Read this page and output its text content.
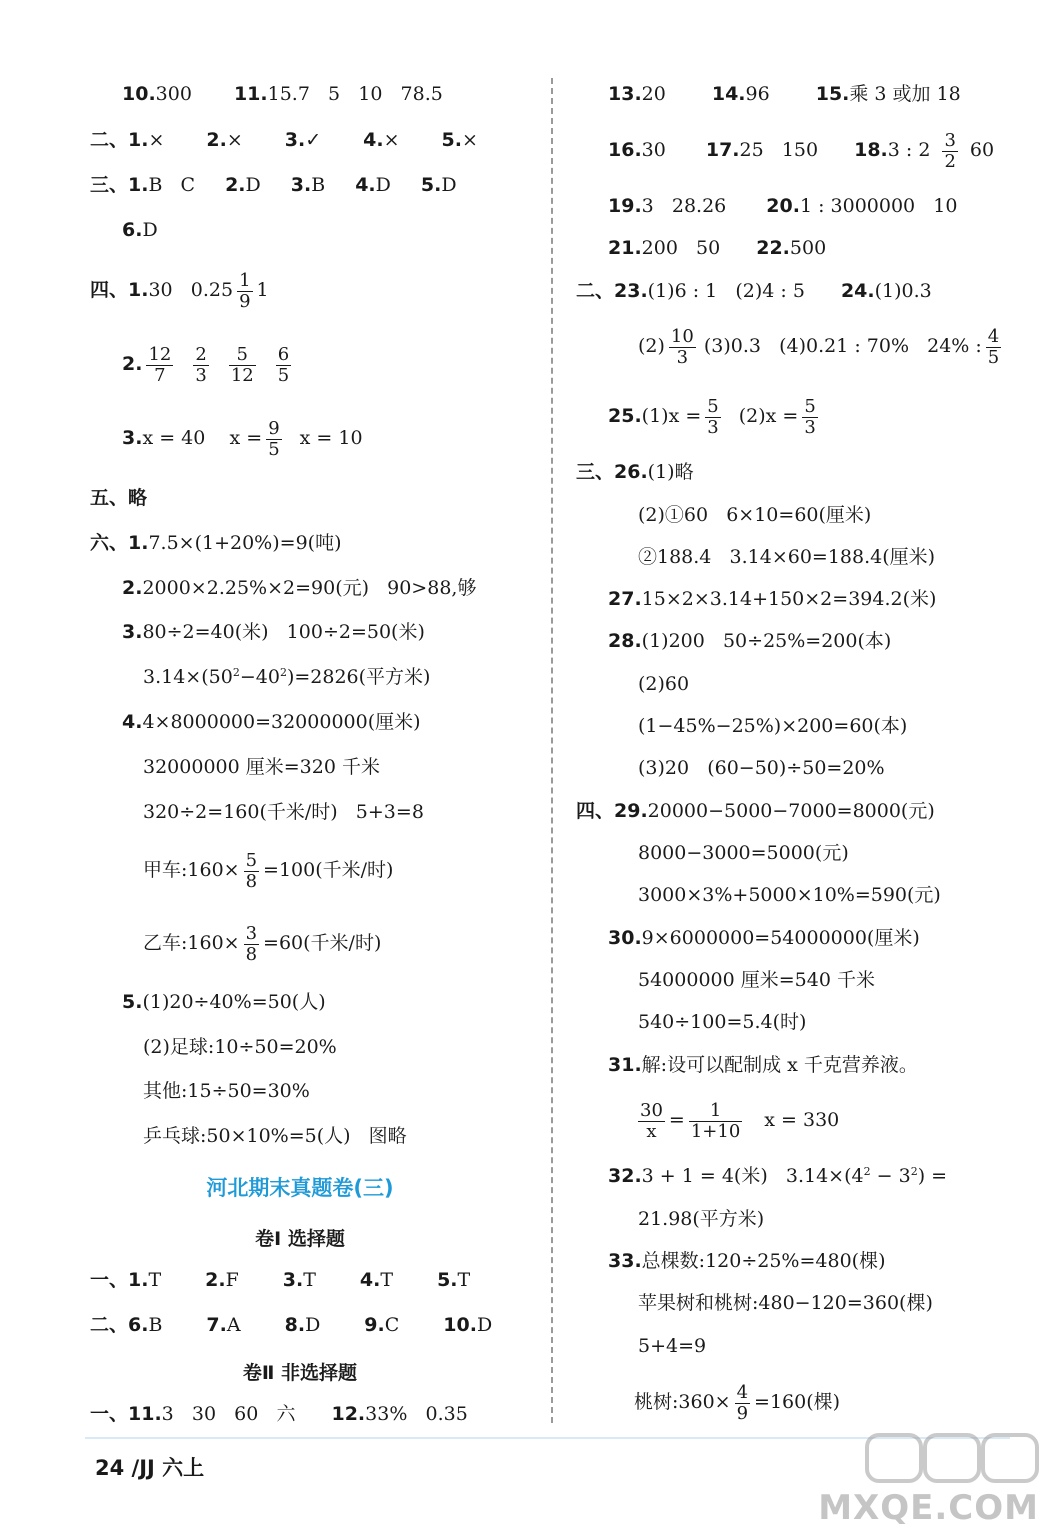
10.300 11.15.7   5   10   78.5
二、1.× 2.× 3.✓ 4.× 5.×
三、1.B   C 2.D 3.B 4.D 5.D
6.D
四、1.30   $0.25 \frac{1}{9} 1$
2. $\frac{12}{7} \frac{2}{3} \frac{5}{12} \frac{6}{5}$
3.x = 40    $x = \frac{9}{5}$ x = 10
五、略
六、1.7.5×(1+20%)=9(吨)
2.2000×2.25%×2=90(元)   90>88,够
3.80÷2=40(米)   100÷2=50(米)
$3.14\times(50^2-40^2)=2826$(平方米)
4.4×8000000=32000000(厘米)
32000000 厘米=320 千米
320÷2=160(千米/时)   5+3=8
甲车:160× $\frac{5}{8} =100$(千米/时)
乙车:160× $\frac{3}{8} =60$(千米/时)
5.(1)20÷40%=50(人)
(2)足球:10÷50=20%
其他:15÷50=30%
乒乓球:50×10%=5(人)   图略
河北期末真题卷(三)
卷Ⅰ 选择题
一、1.T 2.F 3.T 4.T 5.T
二、6.B 7.A 8.D 9.C 10.D
卷Ⅱ 非选择题
一、11.3   30   60   六 12.33%   0.35
13.20 14.96 15.乘 3 或加 18
16.30 17.25   150 18.3 : $2 \frac{3}{2} 60$
19.3   28.26 20.1 : 3000000   10
21.200   50 22.500
二、23.(1)6 : 1   (2)4 : 5 24.(1)0.3
$(2) \frac{10}{3} (3)0.3$   (4)0.21 : 70%   24% : $\frac{4}{5}$
$25.(1)x = \frac{5}{3} (2)x = \frac{5}{3}$
三、26.(1)略
(2)①60   6×10=60(厘米)
②188.4   3.14×60=188.4(厘米)
27.15×2×3.14+150×2=394.2(米)
28.(1)200   50÷25%=200(本)
(2)60
(1−45%−25%)×200=60(本)
(3)20   (60−50)÷50=20%
四、29.20000−5000−7000=8000(元)
8000−3000=5000(元)
3000×3%+5000×10%=590(元)
30.9×6000000=54000000(厘米)
54000000 厘米=540 千米
540÷100=5.4(时)
31.解:设可以配制成 x 千克营养液。
$\frac{30}{x} = \frac{1}{1+10}$ x = 330
32.3 + 1 = 4(米)   $3.14\times(4^2 - 3^2)$ =
21.98(平方米)
33.总棵数:120÷25%=480(棵)
苹果树和桃树:480−120=360(棵)
5+4=9
桃树:360× $\frac{4}{9} =160$(棵)
24 /JJ 六上
MXQE.COM
